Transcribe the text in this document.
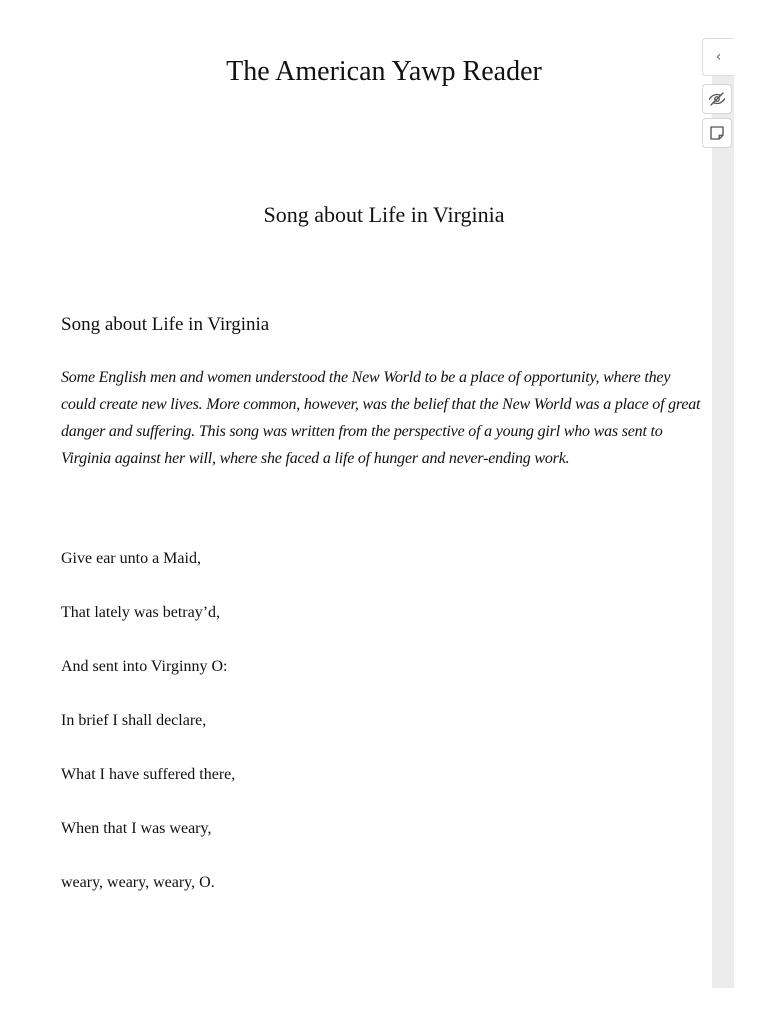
The American Yawp Reader
Song about Life in Virginia
Song about Life in Virginia

Some English men and women understood the New World to be a place of opportunity, where they could create new lives. More common, however, was the belief that the New World was a place of great danger and suffering. This song was written from the perspective of a young girl who was sent to Virginia against her will, where she faced a life of hunger and never-ending work.

Give ear unto a Maid,
That lately was betray’d,
And sent into Virginny O:
In brief I shall declare,
What I have suffered there,
When that I was weary,
weary, weary, weary, O.
‹
